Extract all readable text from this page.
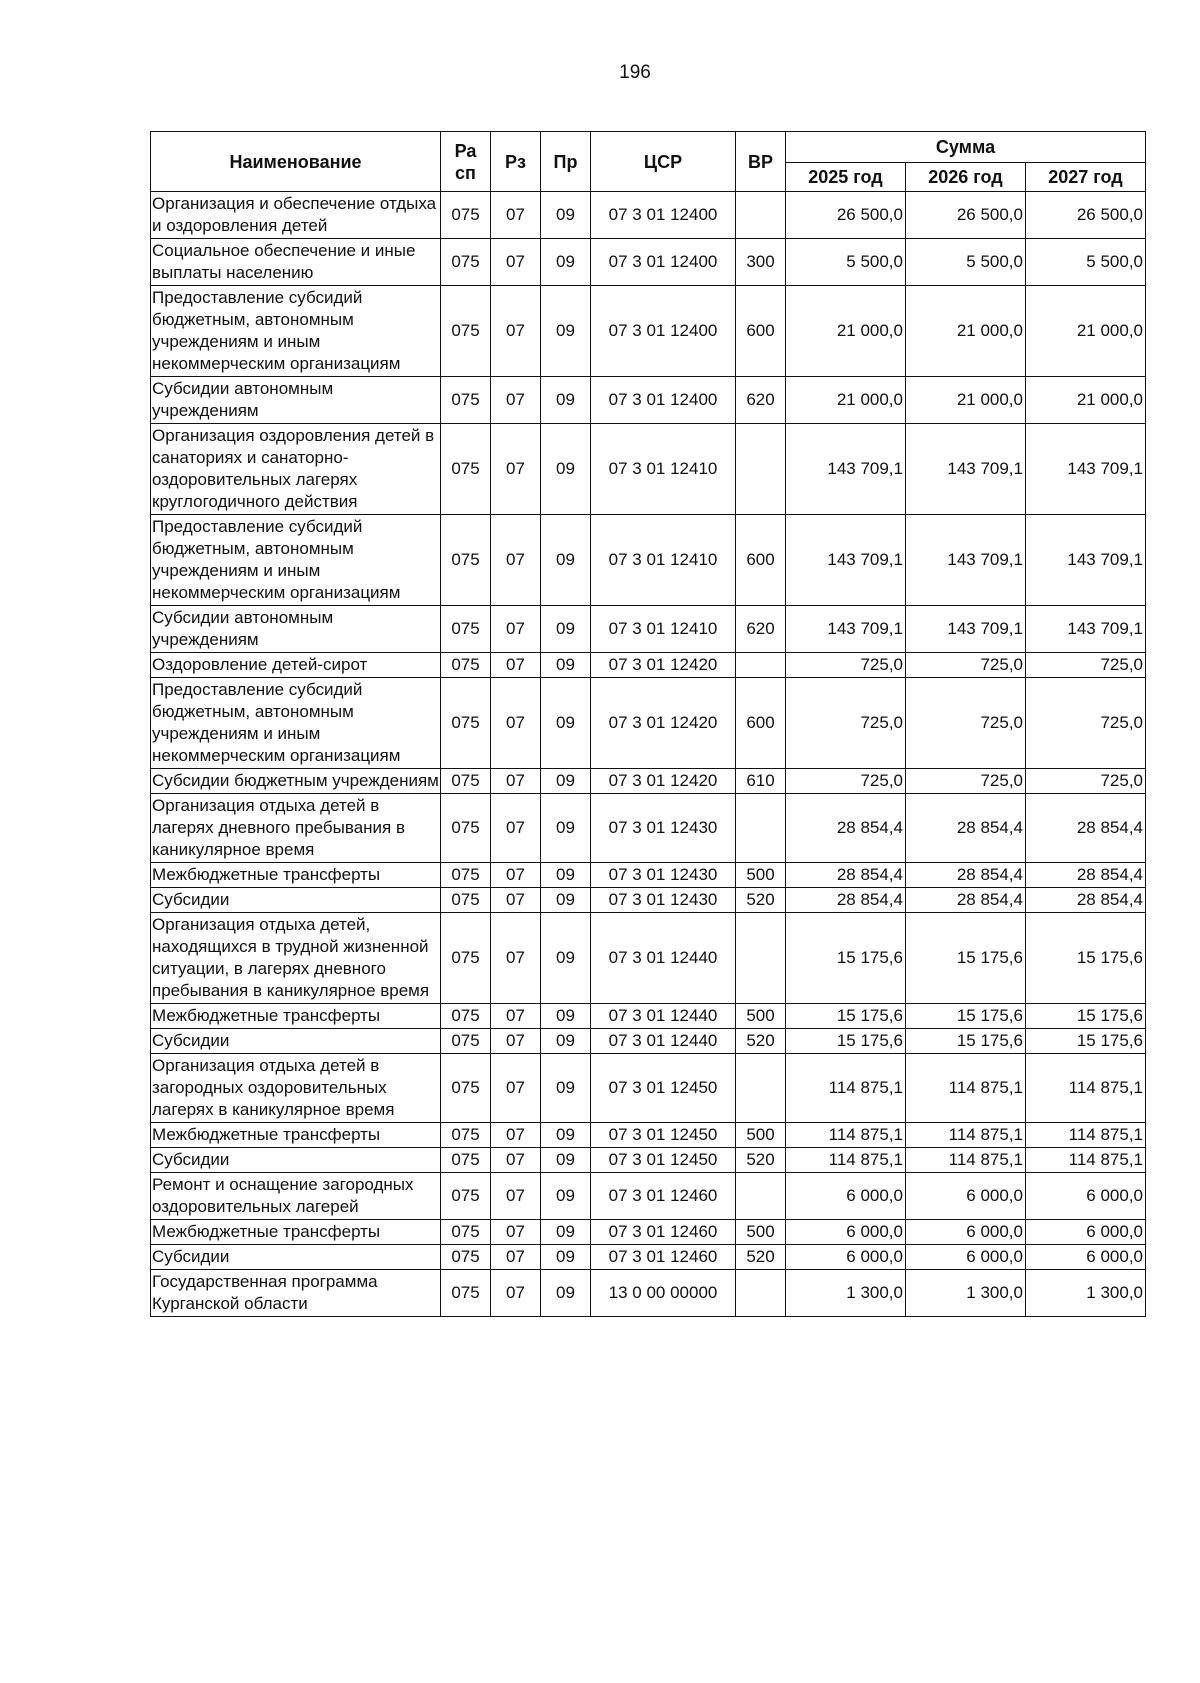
196
Наименование	Ра сп	Рз	Пр	ЦСР	ВР	Сумма		
						2025 год	2026 год	2027 год
Организация и обеспечение отдыха и оздоровления детей	075	07	09	07 3 01 12400		26 500,0	26 500,0	26 500,0
Социальное обеспечение и иные выплаты населению	075	07	09	07 3 01 12400	300	5 500,0	5 500,0	5 500,0
Предоставление субсидий бюджетным, автономным учреждениям и иным некоммерческим организациям	075	07	09	07 3 01 12400	600	21 000,0	21 000,0	21 000,0
Субсидии автономным учреждениям	075	07	09	07 3 01 12400	620	21 000,0	21 000,0	21 000,0
Организация оздоровления детей в санаториях и санаторно-оздоровительных лагерях круглогодичного действия	075	07	09	07 3 01 12410		143 709,1	143 709,1	143 709,1
Предоставление субсидий бюджетным, автономным учреждениям и иным некоммерческим организациям	075	07	09	07 3 01 12410	600	143 709,1	143 709,1	143 709,1
Субсидии автономным учреждениям	075	07	09	07 3 01 12410	620	143 709,1	143 709,1	143 709,1
Оздоровление детей-сирот	075	07	09	07 3 01 12420		725,0	725,0	725,0
Предоставление субсидий бюджетным, автономным учреждениям и иным некоммерческим организациям	075	07	09	07 3 01 12420	600	725,0	725,0	725,0
Субсидии бюджетным учреждениям	075	07	09	07 3 01 12420	610	725,0	725,0	725,0
Организация отдыха детей в лагерях дневного пребывания в каникулярное время	075	07	09	07 3 01 12430		28 854,4	28 854,4	28 854,4
Межбюджетные трансферты	075	07	09	07 3 01 12430	500	28 854,4	28 854,4	28 854,4
Субсидии	075	07	09	07 3 01 12430	520	28 854,4	28 854,4	28 854,4
Организация отдыха детей, находящихся в трудной жизненной ситуации, в лагерях дневного пребывания в каникулярное время	075	07	09	07 3 01 12440		15 175,6	15 175,6	15 175,6
Межбюджетные трансферты	075	07	09	07 3 01 12440	500	15 175,6	15 175,6	15 175,6
Субсидии	075	07	09	07 3 01 12440	520	15 175,6	15 175,6	15 175,6
Организация отдыха детей в загородных оздоровительных лагерях в каникулярное время	075	07	09	07 3 01 12450		114 875,1	114 875,1	114 875,1
Межбюджетные трансферты	075	07	09	07 3 01 12450	500	114 875,1	114 875,1	114 875,1
Субсидии	075	07	09	07 3 01 12450	520	114 875,1	114 875,1	114 875,1
Ремонт и оснащение загородных оздоровительных лагерей	075	07	09	07 3 01 12460		6 000,0	6 000,0	6 000,0
Межбюджетные трансферты	075	07	09	07 3 01 12460	500	6 000,0	6 000,0	6 000,0
Субсидии	075	07	09	07 3 01 12460	520	6 000,0	6 000,0	6 000,0
Государственная программа Курганской области	075	07	09	13 0 00 00000		1 300,0	1 300,0	1 300,0
